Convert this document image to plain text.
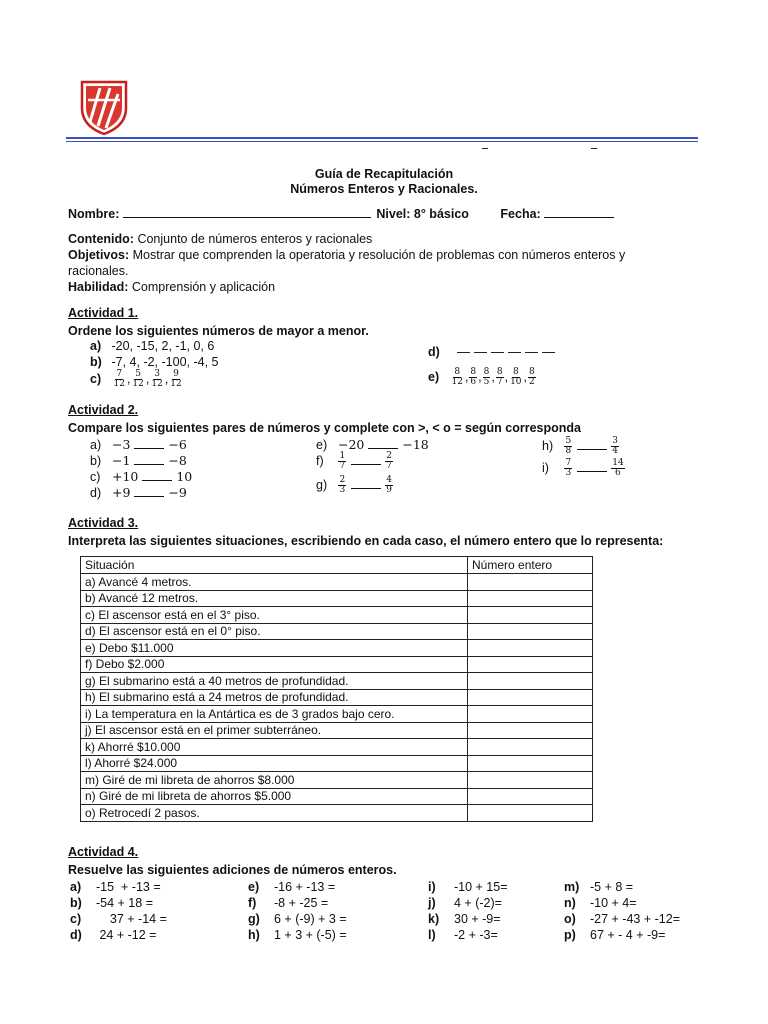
Guía de Recapitulación
Números Enteros y Racionales.
Nombre:	Nivel: 8° básico	Fecha:
Contenido: Conjunto de números enteros y racionales
Objetivos: Mostrar que comprenden la operatoria y resolución de problemas con números enteros y
racionales.
Habilidad: Comprensión y aplicación
Actividad 1.
Ordene los siguientes números de mayor a menor.
a) -20, -15, 2, -1, 0, 6
b) -7, 4, -2, -100, -4, 5
$c) \frac{7}{12}$ , $\frac{5}{12}$ , $\frac{3}{12}$ , $\frac{9}{12}$
d)
$e) \frac{8}{12}$ , $\frac{8}{6}$ , $\frac{8}{5}$ , $\frac{8}{7}$ , $\frac{8}{10}$ , $\frac{8}{2}$
Actividad 2.
Compare los siguientes pares de números y complete con >, < o = según corresponda
a) −3	−6
b) −1	−8
c) +10	10
d) +9	−9
e) −20	−18
$f) \frac{1}{7}$
	$\frac{2}{7}$
$g) \frac{2}{3}$
	$\frac{4}{9}$
$h) \frac{5}{8}$
	$\frac{3}{4}$
$i) \frac{7}{3}$
	$\frac{14}{6}$
Actividad 3.
Interpreta las siguientes situaciones, escribiendo en cada caso, el número entero que lo representa:
Situación	Número entero
a) Avancé 4 metros.	
b) Avancé 12 metros.	
c) El ascensor está en el 3° piso.	
d) El ascensor está en el 0° piso.	
e) Debo $11.000	
f) Debo $2.000	
g) El submarino está a 40 metros de profundidad.	
h) El submarino está a 24 metros de profundidad.	
i) La temperatura en la Antártica es de 3 grados bajo cero.	
j) El ascensor está en el primer subterráneo.	
k) Ahorré $10.000	
l) Ahorré $24.000	
m) Giré de mi libreta de ahorros $8.000	
n) Giré de mi libreta de ahorros $5.000	
o) Retrocedí 2 pasos.	
Actividad 4.
Resuelve las siguientes adiciones de números enteros.
a) -15  + -13 =
b) -54 + 18 =
c)    37 + -14 =
d) 24 + -12 =
e) -16 + -13 =
f) -8 + -25 =
g) 6 + (-9) + 3 =
h) 1 + 3 + (-5) =
i) -10 + 15=
j) 4 + (-2)=
k) 30 + -9=
l) -2 + -3=
m) -5 + 8 =
n) -10 + 4=
o) -27 + -43 + -12=
p) 67 + - 4 + -9=
